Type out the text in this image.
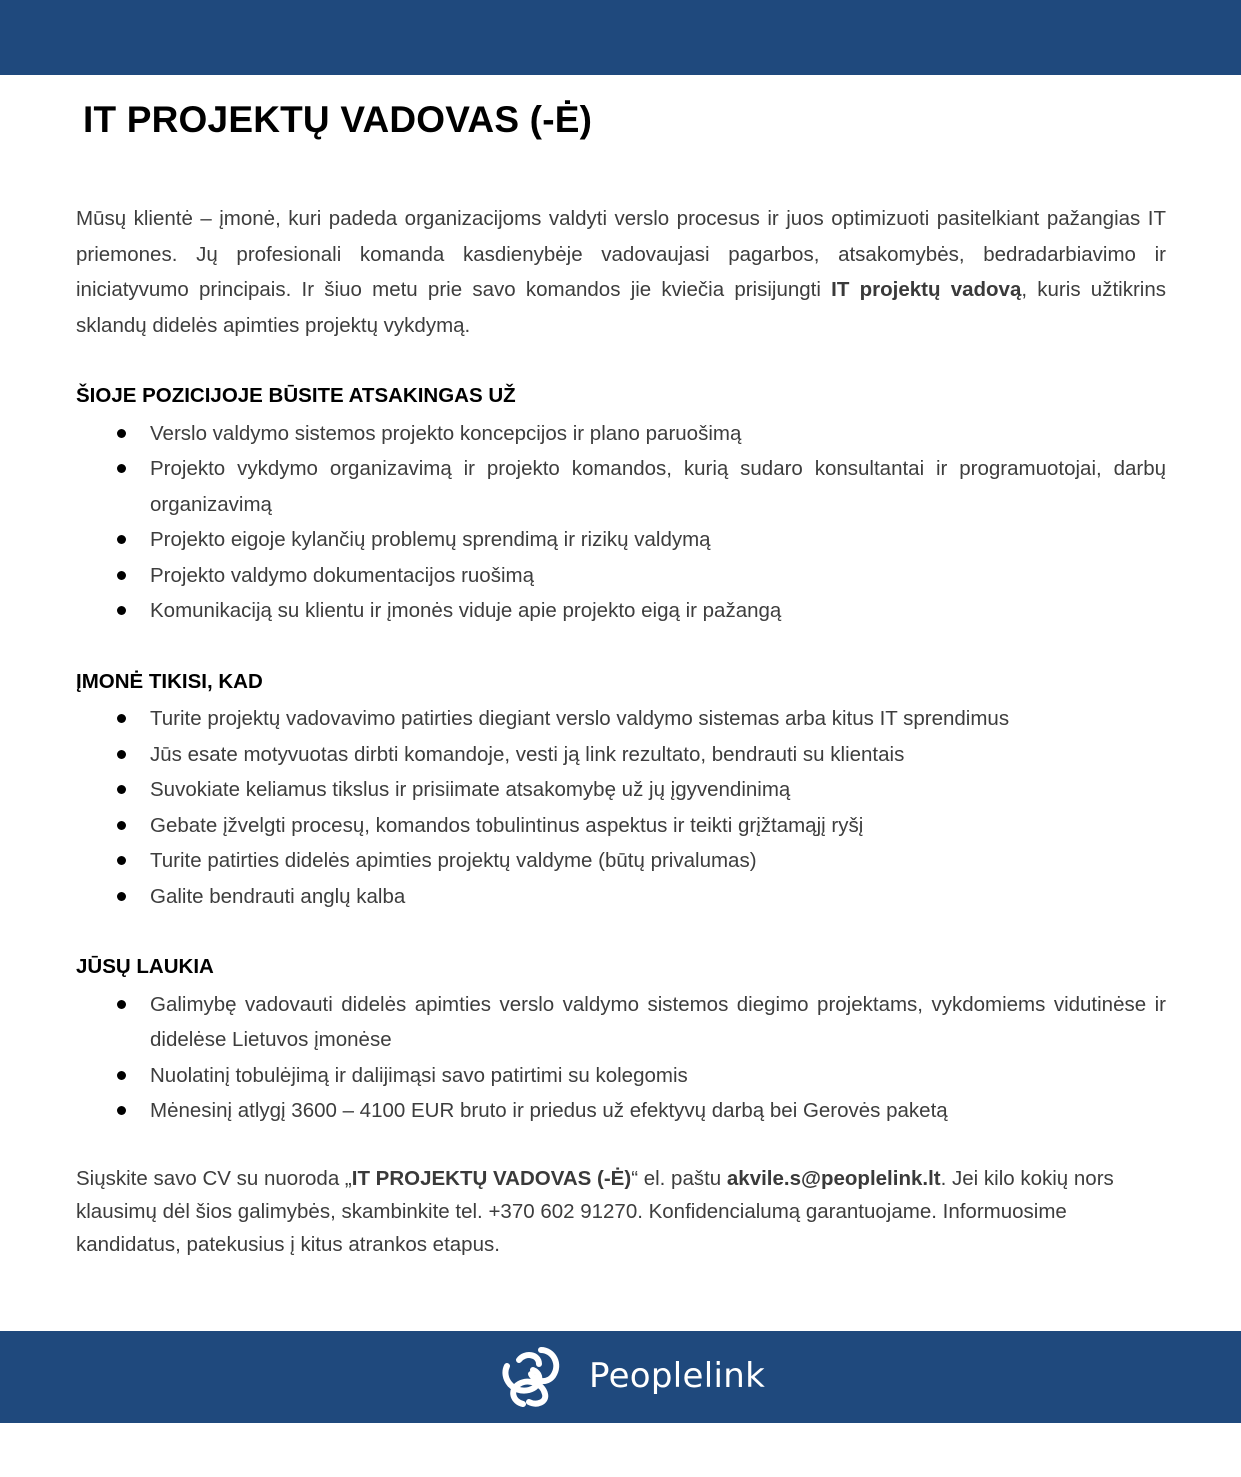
IT PROJEKTŲ VADOVAS (-Ė)

Mūsų klientė – įmonė, kuri padeda organizacijoms valdyti verslo procesus ir juos optimizuoti pasitelkiant pažangias IT priemones. Jų profesionali komanda kasdienybėje vadovaujasi pagarbos, atsakomybės, bedradarbiavimo ir iniciatyvumo principais. Ir šiuo metu prie savo komandos jie kviečia prisijungti IT projektų vadovą, kuris užtikrins sklandų didelės apimties projektų vykdymą.

ŠIOJE POZICIJOJE BŪSITE ATSAKINGAS UŽ
Verslo valdymo sistemos projekto koncepcijos ir plano paruošimą
Projekto vykdymo organizavimą ir projekto komandos, kurią sudaro konsultantai ir programuotojai, darbų organizavimą
Projekto eigoje kylančių problemų sprendimą ir rizikų valdymą
Projekto valdymo dokumentacijos ruošimą
Komunikaciją su klientu ir įmonės viduje apie projekto eigą ir pažangą
ĮMONĖ TIKISI, KAD
Turite projektų vadovavimo patirties diegiant verslo valdymo sistemas arba kitus IT sprendimus
Jūs esate motyvuotas dirbti komandoje, vesti ją link rezultato, bendrauti su klientais
Suvokiate keliamus tikslus ir prisiimate atsakomybę už jų įgyvendinimą
Gebate įžvelgti procesų, komandos tobulintinus aspektus ir teikti grįžtamąjį ryšį
Turite patirties didelės apimties projektų valdyme (būtų privalumas)
Galite bendrauti anglų kalba
JŪSŲ LAUKIA
Galimybę vadovauti didelės apimties verslo valdymo sistemos diegimo projektams, vykdomiems vidutinėse ir didelėse Lietuvos įmonėse
Nuolatinį tobulėjimą ir dalijimąsi savo patirtimi su kolegomis
Mėnesinį atlygį 3600 – 4100 EUR bruto ir priedus už efektyvų darbą bei Gerovės paketą

Siųskite savo CV su nuoroda „IT PROJEKTŲ VADOVAS (-Ė)“ el. paštu akvile.s@peoplelink.lt. Jei kilo kokių nors klausimų dėl šios galimybės, skambinkite tel. +370 602 91270. Konfidencialumą garantuojame. Informuosime kandidatus, patekusius į kitus atrankos etapus.

Peoplelink
